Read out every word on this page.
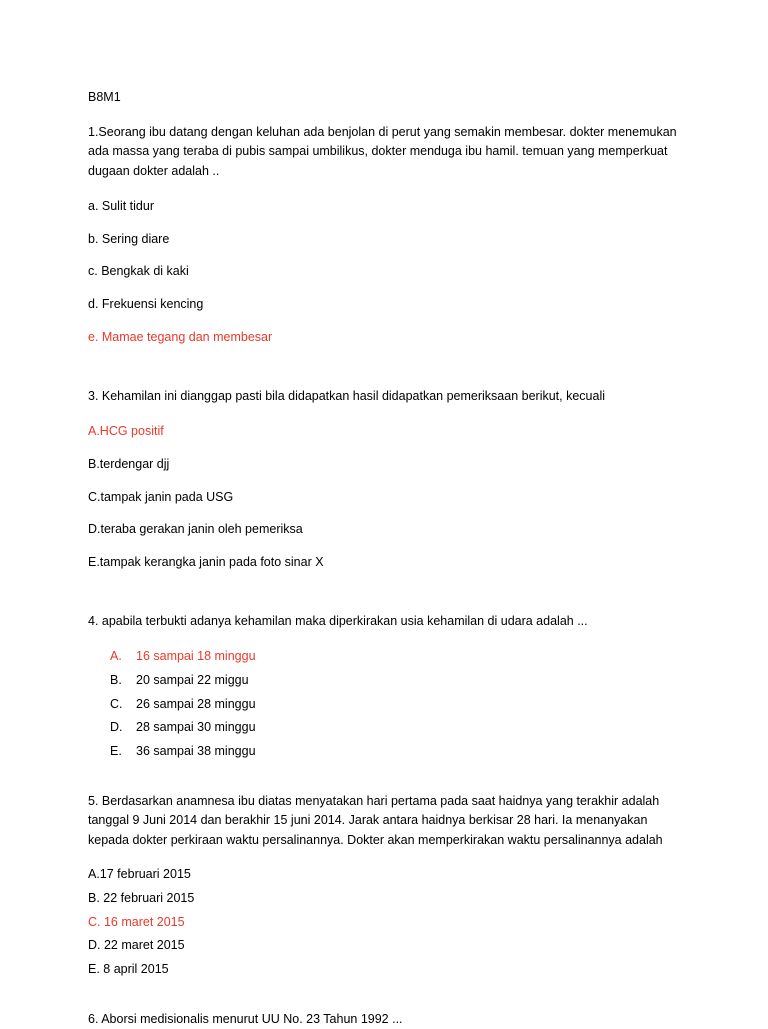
B8M1

1.Seorang ibu datang dengan keluhan ada benjolan di perut yang semakin membesar. dokter menemukan ada massa yang teraba di pubis sampai umbilikus, dokter menduga ibu hamil. temuan yang memperkuat dugaan dokter adalah ..

a. Sulit tidur

b. Sering diare

c. Bengkak di kaki

d. Frekuensi kencing

e. Mamae tegang dan membesar

3. Kehamilan ini dianggap pasti bila didapatkan hasil didapatkan pemeriksaan berikut, kecuali

A.HCG positif

B.terdengar djj

C.tampak janin pada USG

D.teraba gerakan janin oleh pemeriksa

E.tampak kerangka janin pada foto sinar X

4. apabila terbukti adanya kehamilan maka diperkirakan usia kehamilan di udara adalah ...

A.	16 sampai 18 minggu
B.	20 sampai 22 miggu
C.	26 sampai 28 minggu
D.	28 sampai 30 minggu
E.	36 sampai 38 minggu

5. Berdasarkan anamnesa ibu diatas menyatakan hari pertama pada saat haidnya yang terakhir adalah tanggal 9 Juni 2014 dan berakhir 15 juni 2014. Jarak antara haidnya berkisar 28 hari. Ia menanyakan kepada dokter perkiraan waktu persalinannya. Dokter akan memperkirakan waktu persalinannya adalah

A.17 februari 2015

B. 22 februari 2015

C. 16 maret 2015

D. 22 maret 2015

E. 8 april 2015

6. Aborsi medisionalis menurut UU No. 23 Tahun 1992 ...
